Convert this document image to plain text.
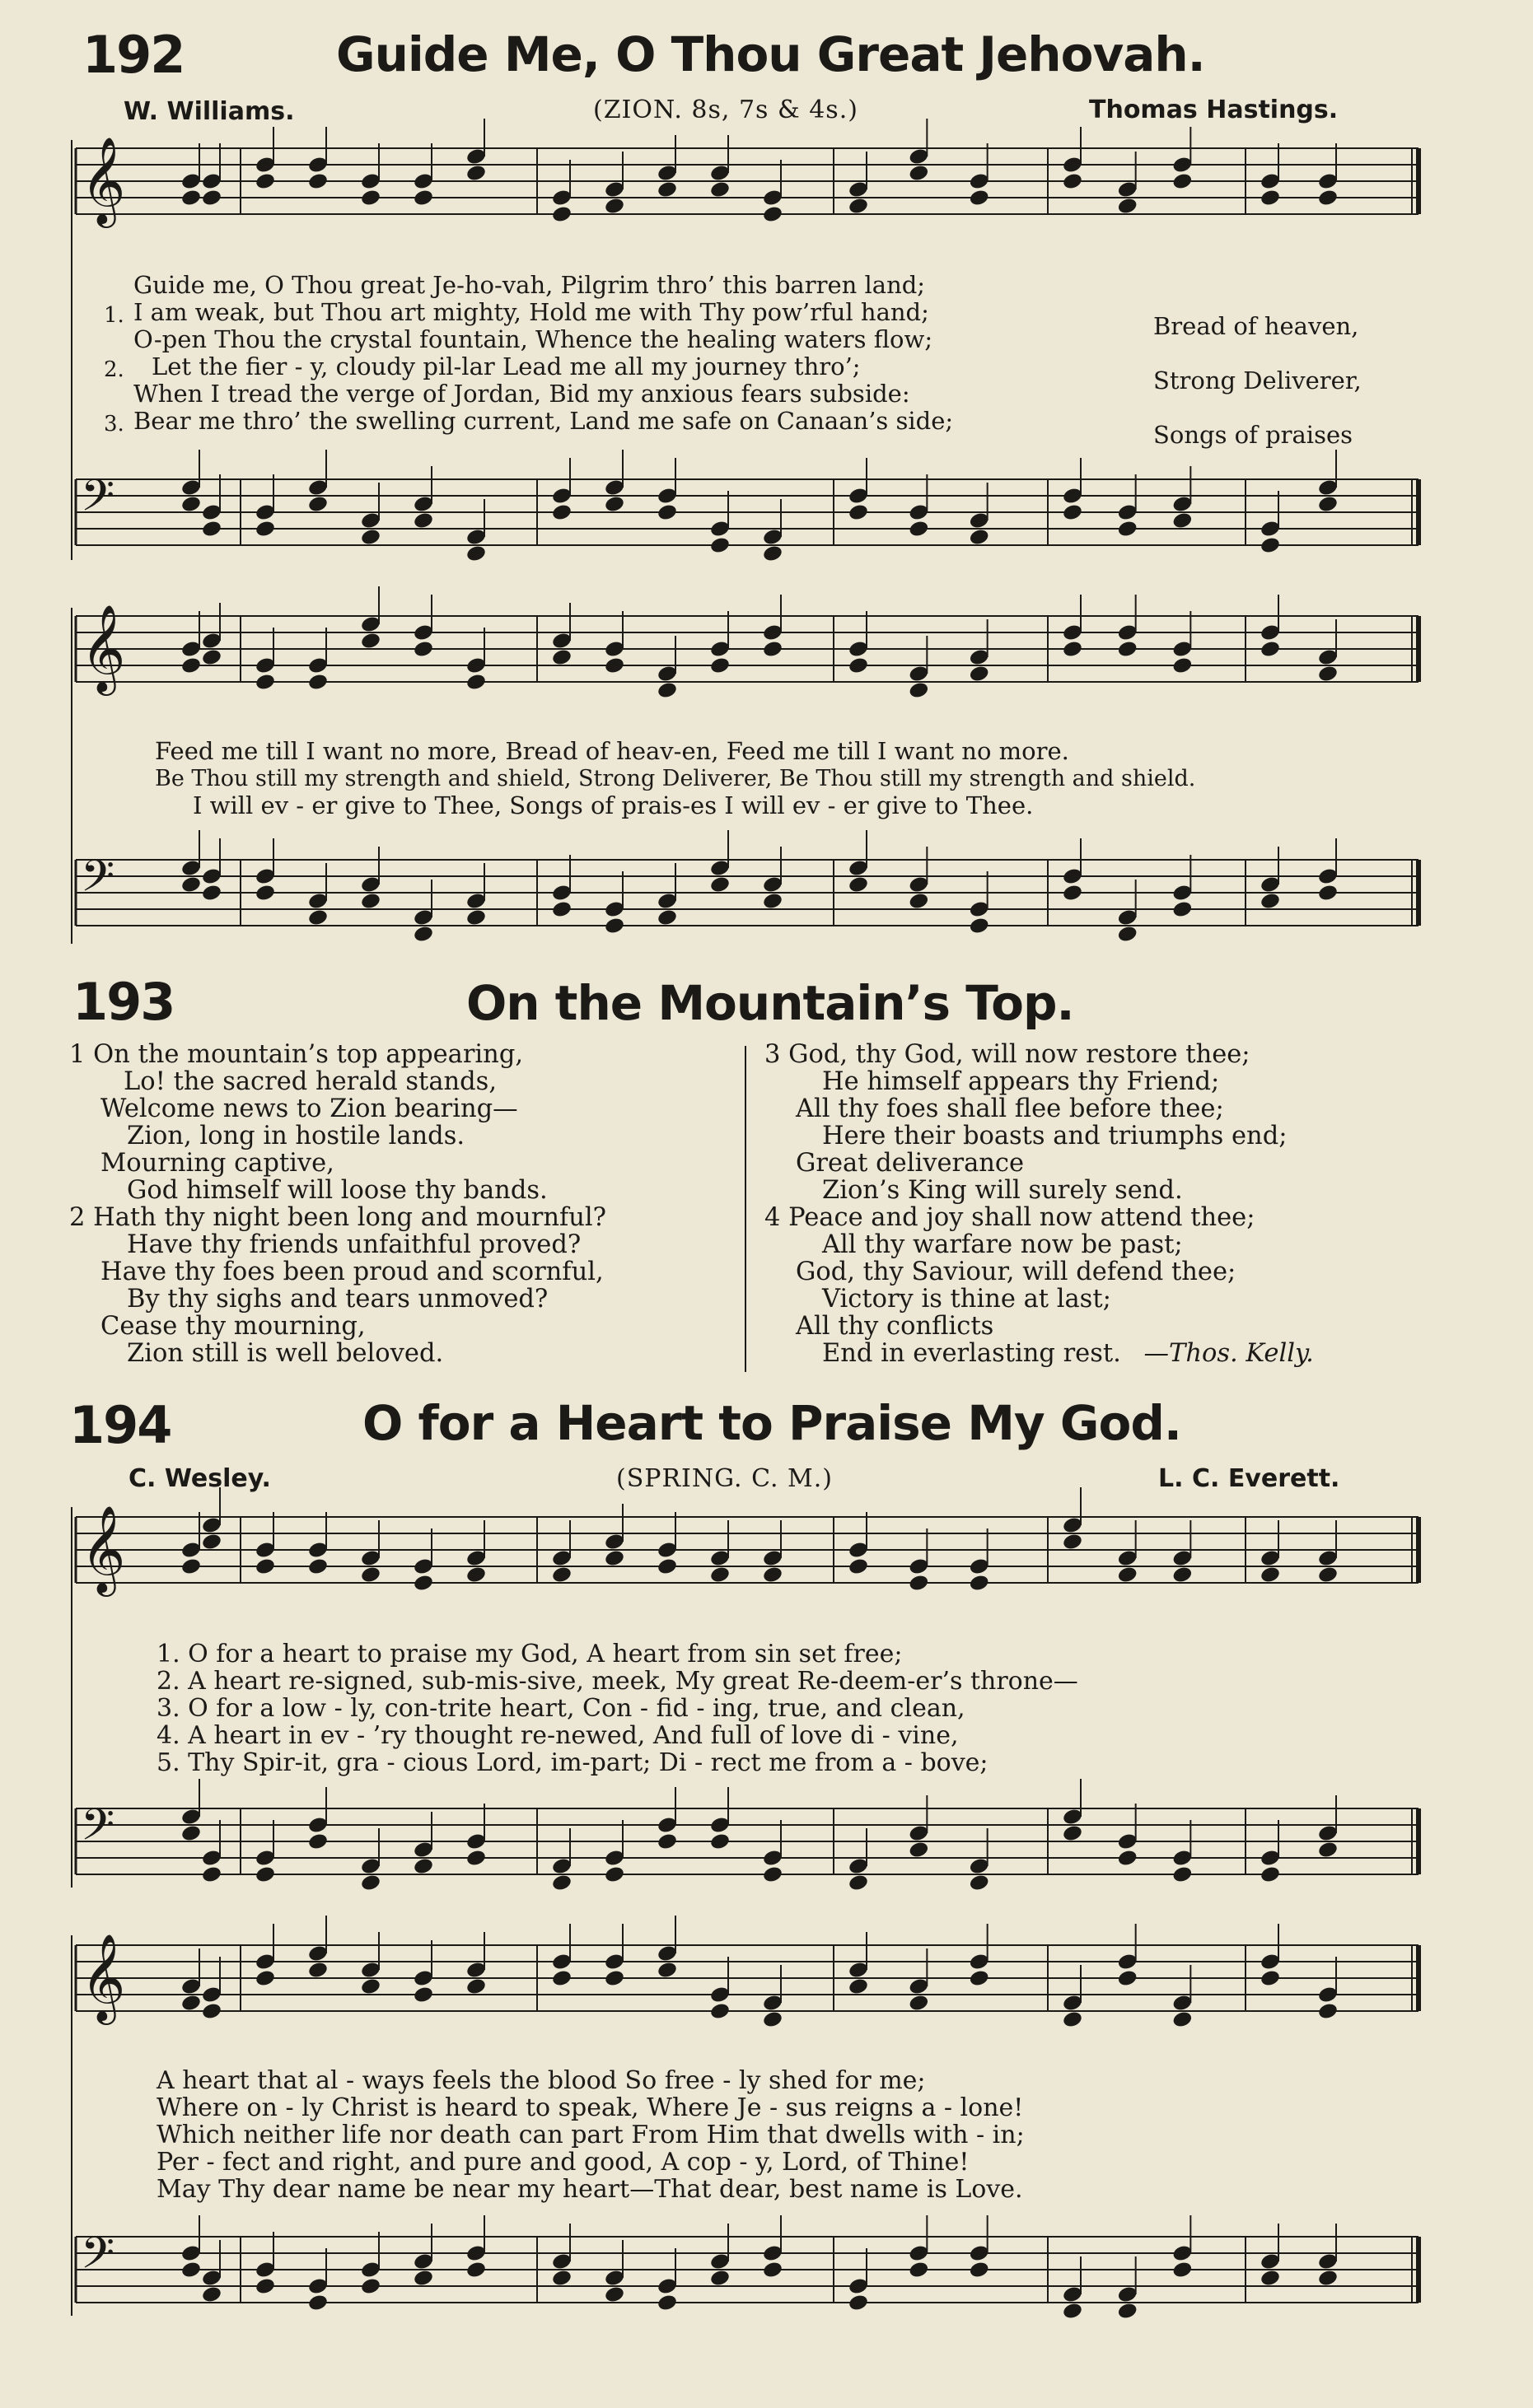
192	Guide Me, O Thou Great Jehovah.
W. Williams.	(ZION. 8s, 7s & 4s.)	Thomas Hastings.
𝄞
1.
2.
3.
Guide me, O Thou great Je-ho-vah, Pilgrim thro’ this barren land;
I am weak, but Thou art mighty, Hold me with Thy pow’rful hand;
O-pen Thou the crystal fountain, Whence the healing waters flow;
Let the fier - y, cloudy pil-lar Lead me all my journey thro’;
When I tread the verge of Jordan, Bid my anxious fears subside:
Bear me thro’ the swelling current, Land me safe on Canaan’s side;
Bread of heaven,
Strong Deliverer,
Songs of praises
𝄢
𝄞
Feed me till I want no more, Bread of heav-en, Feed me till I want no more.
Be Thou still my strength and shield, Strong Deliverer, Be Thou still my strength and shield.
I will ev - er give to Thee, Songs of prais-es I will ev - er give to Thee.
𝄢
193	On the Mountain’s Top.
1 On the mountain’s top appearing,
Lo! the sacred herald stands,
Welcome news to Zion bearing—
Zion, long in hostile lands.
Mourning captive,
God himself will loose thy bands.
2 Hath thy night been long and mournful?
Have thy friends unfaithful proved?
Have thy foes been proud and scornful,
By thy sighs and tears unmoved?
Cease thy mourning,
Zion still is well beloved.
3 God, thy God, will now restore thee;
He himself appears thy Friend;
All thy foes shall flee before thee;
Here their boasts and triumphs end;
Great deliverance
Zion’s King will surely send.
4 Peace and joy shall now attend thee;
All thy warfare now be past;
God, thy Saviour, will defend thee;
Victory is thine at last;
All thy conflicts
End in everlasting rest. —Thos. Kelly.
194	O for a Heart to Praise My God.
C. Wesley.	(SPRING. C. M.)	L. C. Everett.
𝄞
1. O for a heart to praise my God, A heart from sin set free;
2. A heart re-signed, sub-mis-sive, meek, My great Re-deem-er’s throne—
3. O for a low - ly, con-trite heart, Con - fid - ing, true, and clean,
4. A heart in ev - ’ry thought re-newed, And full of love di - vine,
5. Thy Spir-it, gra - cious Lord, im-part; Di - rect me from a - bove;
𝄢
𝄞
A heart that al - ways feels the blood So free - ly shed for me;
Where on - ly Christ is heard to speak, Where Je - sus reigns a - lone!
Which neither life nor death can part From Him that dwells with - in;
Per - fect and right, and pure and good, A cop - y, Lord, of Thine!
May Thy dear name be near my heart—That dear, best name is Love.
𝄢
